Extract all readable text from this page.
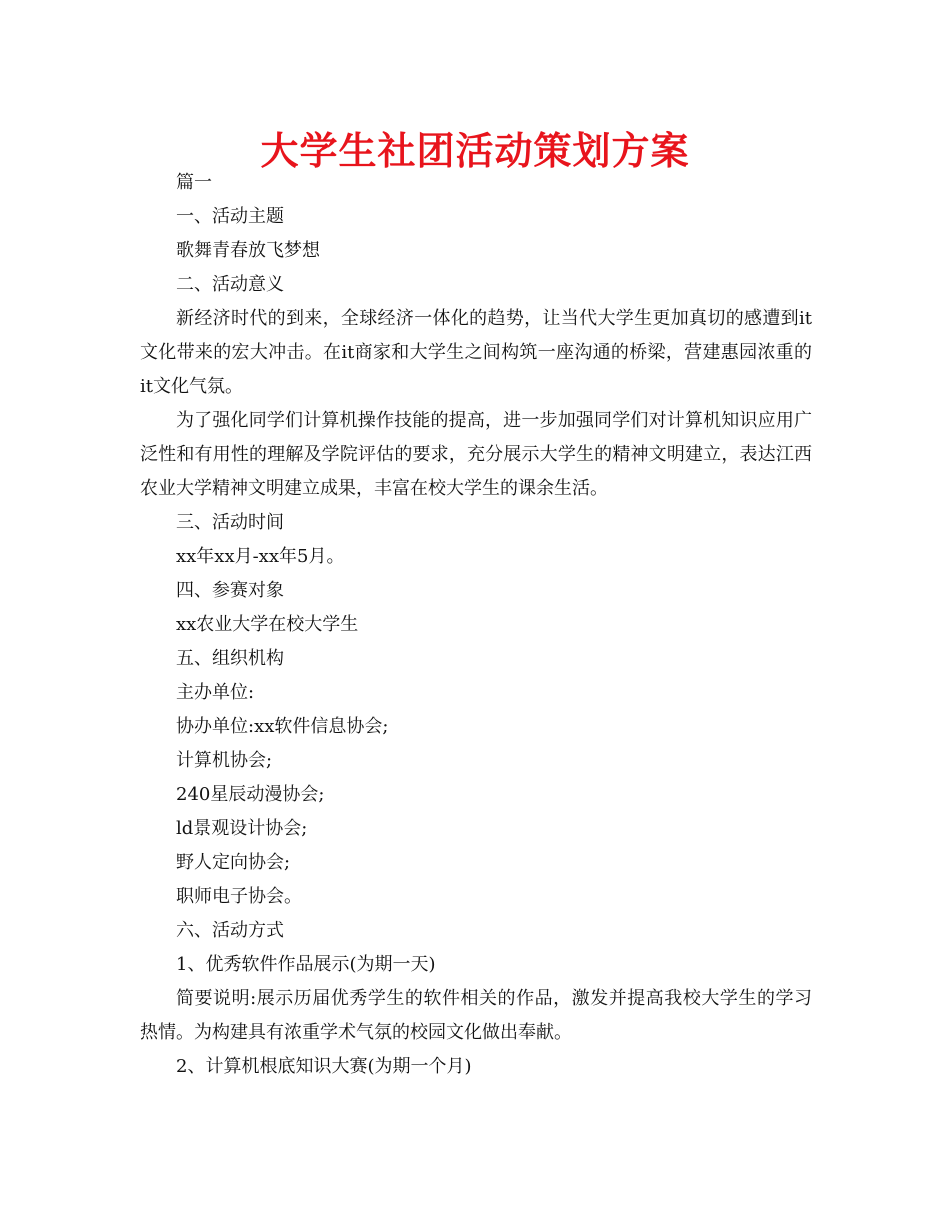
大学生社团活动策划方案

篇一

一、活动主题

歌舞青春放飞梦想

二、活动意义

新经济时代的到来，全球经济一体化的趋势，让当代大学生更加真切的感遭到it文化带来的宏大冲击。在it商家和大学生之间构筑一座沟通的桥梁，营建惠园浓重的it文化气氛。

为了强化同学们计算机操作技能的提高，进一步加强同学们对计算机知识应用广泛性和有用性的理解及学院评估的要求，充分展示大学生的精神文明建立，表达江西农业大学精神文明建立成果，丰富在校大学生的课余生活。

三、活动时间

xx年xx月-xx年5月。

四、参赛对象

xx农业大学在校大学生

五、组织机构

主办单位:

协办单位:xx软件信息协会;

计算机协会;

240星辰动漫协会;

ld景观设计协会;

野人定向协会;

职师电子协会。

六、活动方式

1、优秀软件作品展示(为期一天)

简要说明:展示历届优秀学生的软件相关的作品，激发并提高我校大学生的学习热情。为构建具有浓重学术气氛的校园文化做出奉献。

2、计算机根底知识大赛(为期一个月)
